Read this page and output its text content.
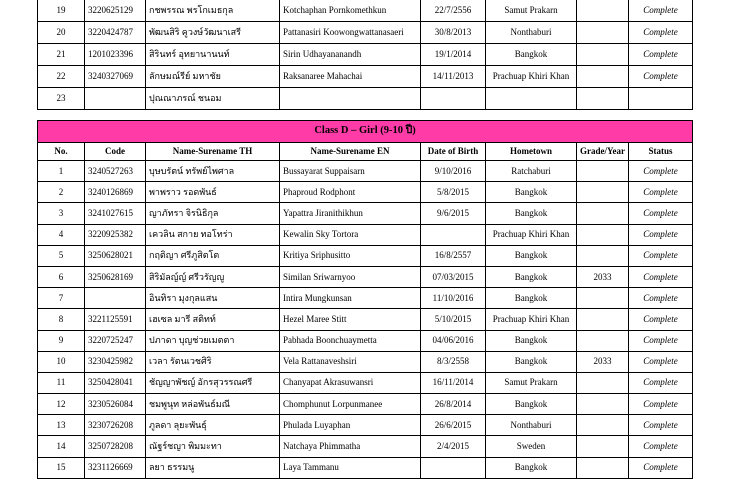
19	3220625129	กชพรรณ พรโกเมธกุล	Kotchaphan Pornkomethkun	22/7/2556	Samut Prakarn		Complete
20	3220424787	พัฒนสิริ คูวงษ์วัฒนาเสรี	Pattanasiri Koowongwattanasaeri	30/8/2013	Nonthaburi		Complete
21	1201023396	สิรินทร์ อุทยานานนท์	Sirin Udhayananandh	19/1/2014	Bangkok		Complete
22	3240327069	ลักษมณ์รีย์ มหาชัย	Raksanaree Mahachai	14/11/2013	Prachuap Khiri Khan		Complete
23		ปุณณาภรณ์ ชนอม					
Class D – Girl (9-10 ปี)							
No.	Code	Name-Surename TH	Name-Surename EN	Date of Birth	Hometown	Grade/Year	Status
1	3240527263	บุษบรัตน์ ทรัพย์ไพศาล	Bussayarat Suppaisarn	9/10/2016	Ratchaburi		Complete
2	3240126869	พาพราว รอดพันธ์	Phaproud Rodphont	5/8/2015	Bangkok		Complete
3	3241027615	ญาภัทรา จิรนิธิกุล	Yapattra Jiranithikhun	9/6/2015	Bangkok		Complete
4	3220925382	เควลิน สกาย ทอโทร่า	Kewalin Sky Tortora		Prachuap Khiri Khan		Complete
5	3250628021	กฤติญา ศรีภูสิตโต	Kritiya Sriphusitto	16/8/2557	Bangkok		Complete
6	3250628169	สิริมัลญ์ญ์ ศรีวรัญญู	Similan Sriwarnyoo	07/03/2015	Bangkok	2033	Complete
7		อินทิรา มุงกุลแสน	Intira Mungkunsan	11/10/2016	Bangkok		Complete
8	3221125591	เฮเซล มารี สติทท์	Hezel Maree Stitt	5/10/2015	Prachuap Khiri Khan		Complete
9	3220725247	ปภาดา บุญช่วยเมตตา	Pabhada Boonchuaymetta	04/06/2016	Bangkok		Complete
10	3230425982	เวลา รัตนเวชศิริ	Vela Rattanaveshsiri	8/3/2558	Bangkok	2033	Complete
11	3250428041	ชัญญาพัชญ์ อักรสุวรรณศรี	Chanyapat Akrasuwansri	16/11/2014	Samut Prakarn		Complete
12	3230526084	ชมพูนุท หล่อพันธ์มณี	Chomphunut Lorpunmanee	26/8/2014	Bangkok		Complete
13	3230726208	ภูลดา ลุยะพันธุ์	Phulada Luyaphan	26/6/2015	Nonthaburi		Complete
14	3250728208	ณัฐร์ชญา พิมมะทา	Natchaya Phimmatha	2/4/2015	Sweden		Complete
15	3231126669	ลยา ธรรมนู	Laya Tammanu		Bangkok		Complete
